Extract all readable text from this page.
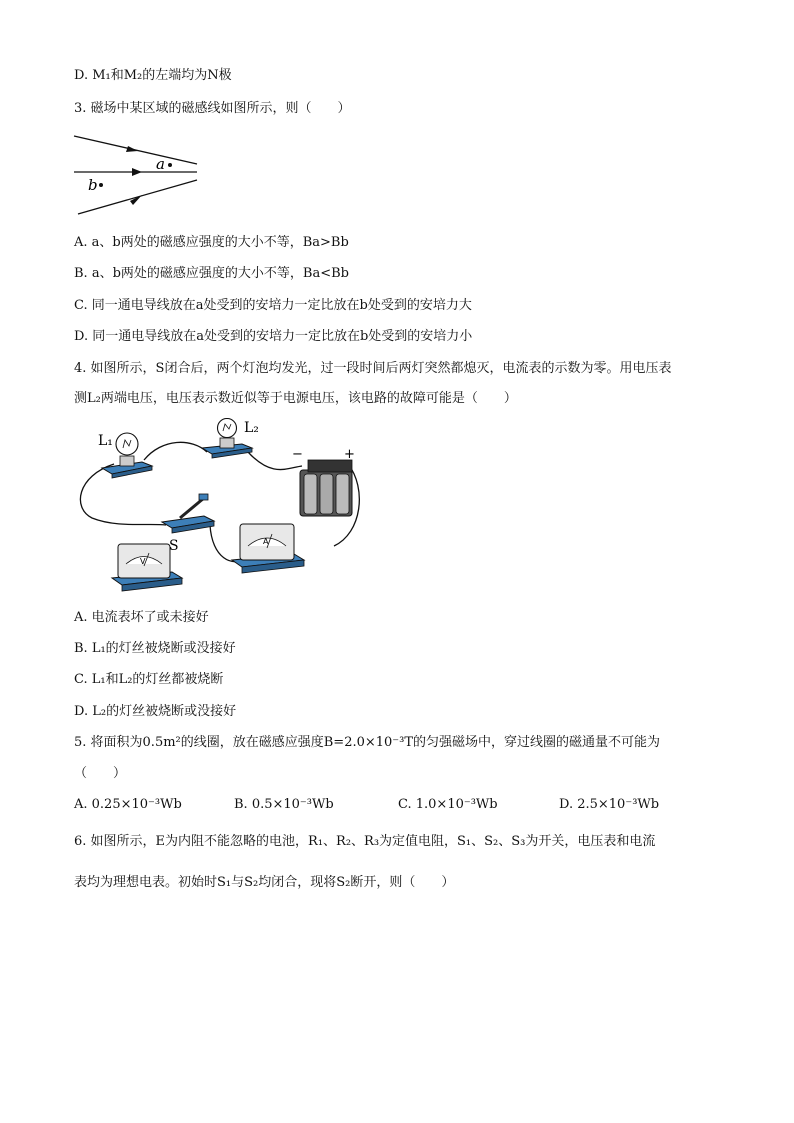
D. M₁和M₂的左端均为N极
3. 磁场中某区域的磁感线如图所示，则（　　）
a
b
A. a、b两处的磁感应强度的大小不等，Ba>Bb
B. a、b两处的磁感应强度的大小不等，Ba<Bb
C. 同一通电导线放在a处受到的安培力一定比放在b处受到的安培力大
D. 同一通电导线放在a处受到的安培力一定比放在b处受到的安培力小
4. 如图所示，S闭合后，两个灯泡均发光，过一段时间后两灯突然都熄灭，电流表的示数为零。用电压表
测L₂两端电压，电压表示数近似等于电源电压，该电路的故障可能是（　　）
L₁
L₂
S
−	+
A
V
A. 电流表坏了或未接好
B. L₁的灯丝被烧断或没接好
C. L₁和L₂的灯丝都被烧断
D. L₂的灯丝被烧断或没接好
5. 将面积为0.5m²的线圈，放在磁感应强度B=2.0×10⁻³T的匀强磁场中，穿过线圈的磁通量不可能为
（　　）
A. 0.25×10⁻³Wb	B. 0.5×10⁻³Wb	C. 1.0×10⁻³Wb	D. 2.5×10⁻³Wb
6. 如图所示，E为内阻不能忽略的电池，R₁、R₂、R₃为定值电阻，S₁、S₂、S₃为开关，电压表和电流
表均为理想电表。初始时S₁与S₂均闭合，现将S₂断开，则（　　）
